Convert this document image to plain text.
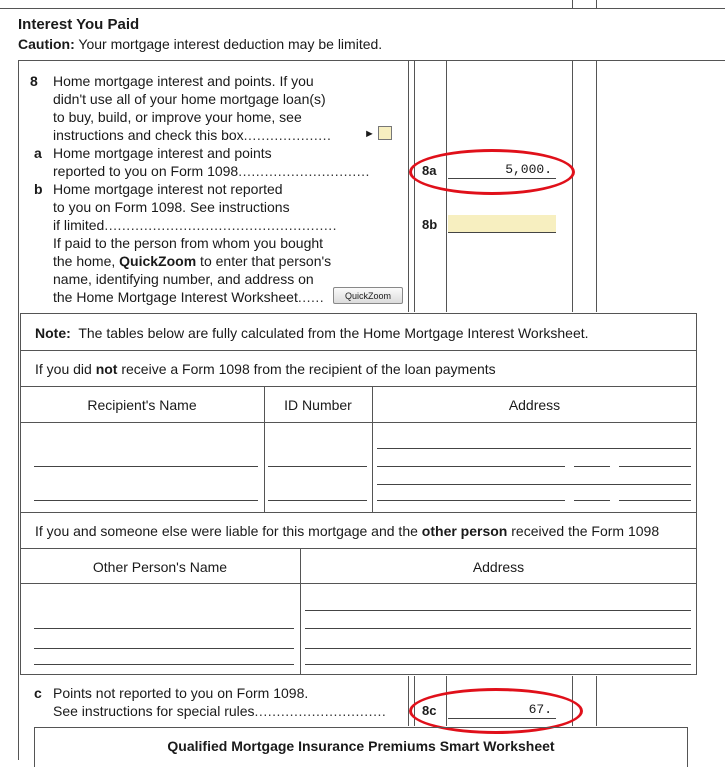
Interest You Paid
Caution: Your mortgage interest deduction may be limited.
8 Home mortgage interest and points. If you
didn't use all of your home mortgage loan(s)
to buy, build, or improve your home, see
instructions and check this box....................	►
a Home mortgage interest and points
reported to you on Form 1098..............................	8a	5,000.
b Home mortgage interest not reported
to you on Form 1098. See instructions
if limited.....................................................	8b
If paid to the person from whom you bought
the home, QuickZoom to enter that person's
name, identifying number, and address on
the Home Mortgage Interest Worksheet......	QuickZoom
Note: The tables below are fully calculated from the Home Mortgage Interest Worksheet.
If you did not receive a Form 1098 from the recipient of the loan payments
Recipient's Name	ID Number	Address
If you and someone else were liable for this mortgage and the other person received the Form 1098
Other Person's Name	Address
c Points not reported to you on Form 1098.
See instructions for special rules..............................	8c	67.
Qualified Mortgage Insurance Premiums Smart Worksheet
